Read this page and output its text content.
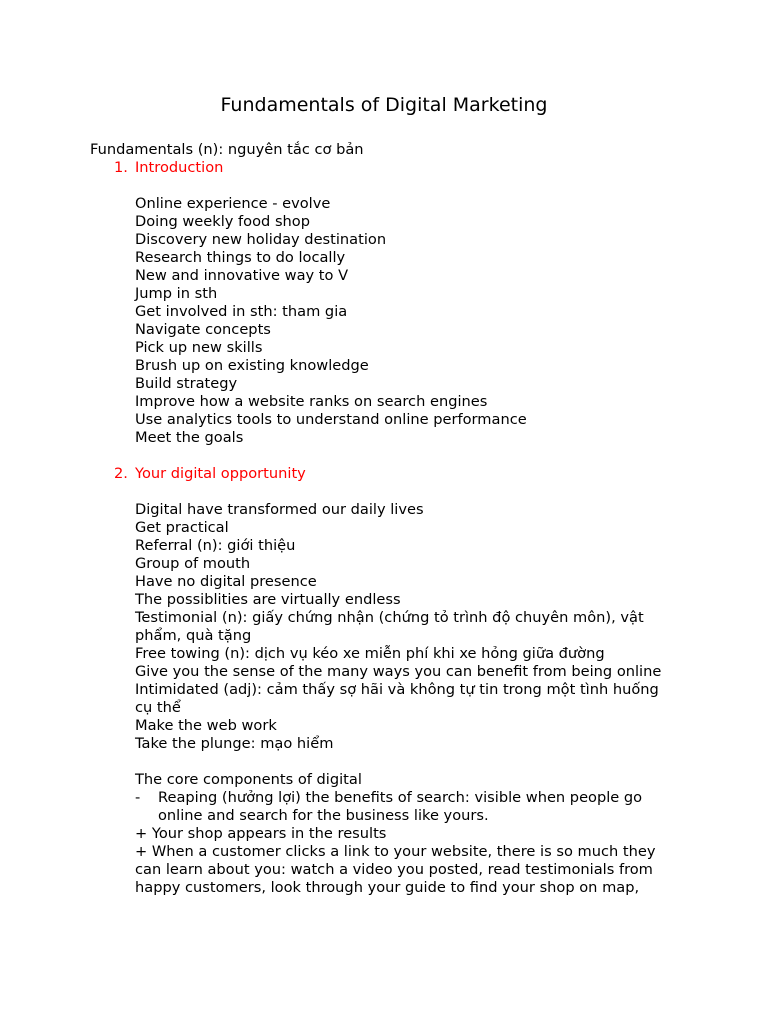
Fundamentals of Digital Marketing
Fundamentals (n): nguyên tắc cơ bản
1. Introduction
Online experience - evolve
Doing weekly food shop
Discovery new holiday destination
Research things to do locally
New and innovative way to V
Jump in sth
Get involved in sth: tham gia
Navigate concepts
Pick up new skills
Brush up on existing knowledge
Build strategy
Improve how a website ranks on search engines
Use analytics tools to understand online performance
Meet the goals
2. Your digital opportunity
Digital have transformed our daily lives
Get practical
Referral (n): giới thiệu
Group of mouth
Have no digital presence
The possiblities are virtually endless
Testimonial (n): giấy chứng nhận (chứng tỏ trình độ chuyên môn), vật phẩm, quà tặng
Free towing (n): dịch vụ kéo xe miễn phí khi xe hỏng giữa đường
Give you the sense of the many ways you can benefit from being online
Intimidated (adj): cảm thấy sợ hãi và không tự tin trong một tình huống cụ thể
Make the web work
Take the plunge: mạo hiểm
The core components of digital
-	Reaping (hưởng lợi) the benefits of search: visible when people go online and search for the business like yours.
+ Your shop appears in the results
+ When a customer clicks a link to your website, there is so much they can learn about you: watch a video you posted, read testimonials from happy customers, look through your guide to find your shop on map,
